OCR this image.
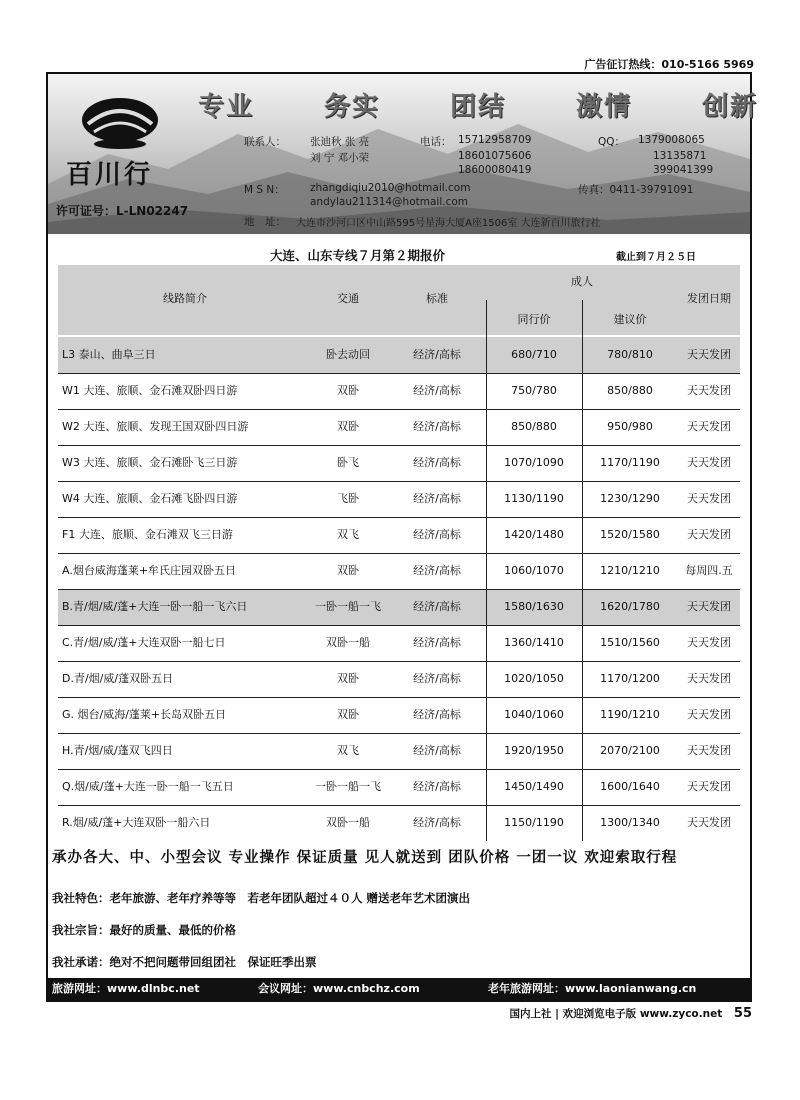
广告征订热线：010-5166 5969
专业	务实	团结	激情	创新
百川行
许可证号：L-LN02247
联系人： 张迪秋 张 亮
刘 宁 邓小荣
电话： 15712958709
18601075606
18600080419
QQ： 1379008065
13135871
399041399
M S N： zhangdiqiu2010@hotmail.com
andylau211314@hotmail.com
传真：0411-39791091
地　址： 大连市沙河口区中山路595号星海大厦A座1506室 大连新百川旅行社
大连、山东专线７月第２期报价	截止到７月２５日
线路简介	交通	标准
成人
同行价	建议价
发团日期
L3 泰山、曲阜三日	卧去动回	经济/高标	680/710	780/810	天天发团
W1 大连、旅顺、金石滩双卧四日游	双卧	经济/高标	750/780	850/880	天天发团
W2 大连、旅顺、发现王国双卧四日游	双卧	经济/高标	850/880	950/980	天天发团
W3 大连、旅顺、金石滩卧飞三日游	卧飞	经济/高标	1070/1090	1170/1190	天天发团
W4 大连、旅顺、金石滩飞卧四日游	飞卧	经济/高标	1130/1190	1230/1290	天天发团
F1 大连、旅顺、金石滩双飞三日游	双飞	经济/高标	1420/1480	1520/1580	天天发团
A.烟台威海蓬莱+牟氏庄园双卧五日	双卧	经济/高标	1060/1070	1210/1210	每周四.五
B.青/烟/威/蓬+大连一卧一船一飞六日	一卧一船一飞	经济/高标	1580/1630	1620/1780	天天发团
C.青/烟/威/蓬+大连双卧一船七日	双卧一船	经济/高标	1360/1410	1510/1560	天天发团
D.青/烟/威/蓬双卧五日	双卧	经济/高标	1020/1050	1170/1200	天天发团
G. 烟台/威海/蓬莱+长岛双卧五日	双卧	经济/高标	1040/1060	1190/1210	天天发团
H.青/烟/威/蓬双飞四日	双飞	经济/高标	1920/1950	2070/2100	天天发团
Q.烟/威/蓬+大连一卧一船一飞五日	一卧一船一飞	经济/高标	1450/1490	1600/1640	天天发团
R.烟/威/蓬+大连双卧一船六日	双卧一船	经济/高标	1150/1190	1300/1340	天天发团
承办各大、中、小型会议 专业操作 保证质量 见人就送到 团队价格 一团一议 欢迎索取行程
我社特色：老年旅游、老年疗养等等　若老年团队超过４０人 赠送老年艺术团演出
我社宗旨：最好的质量、最低的价格
我社承诺：绝对不把问题带回组团社　保证旺季出票
旅游网址：www.dlnbc.net	会议网址：www.cnbchz.com	老年旅游网址：www.laonianwang.cn
国内上社 | 欢迎浏览电子版 www.zyco.net 55
